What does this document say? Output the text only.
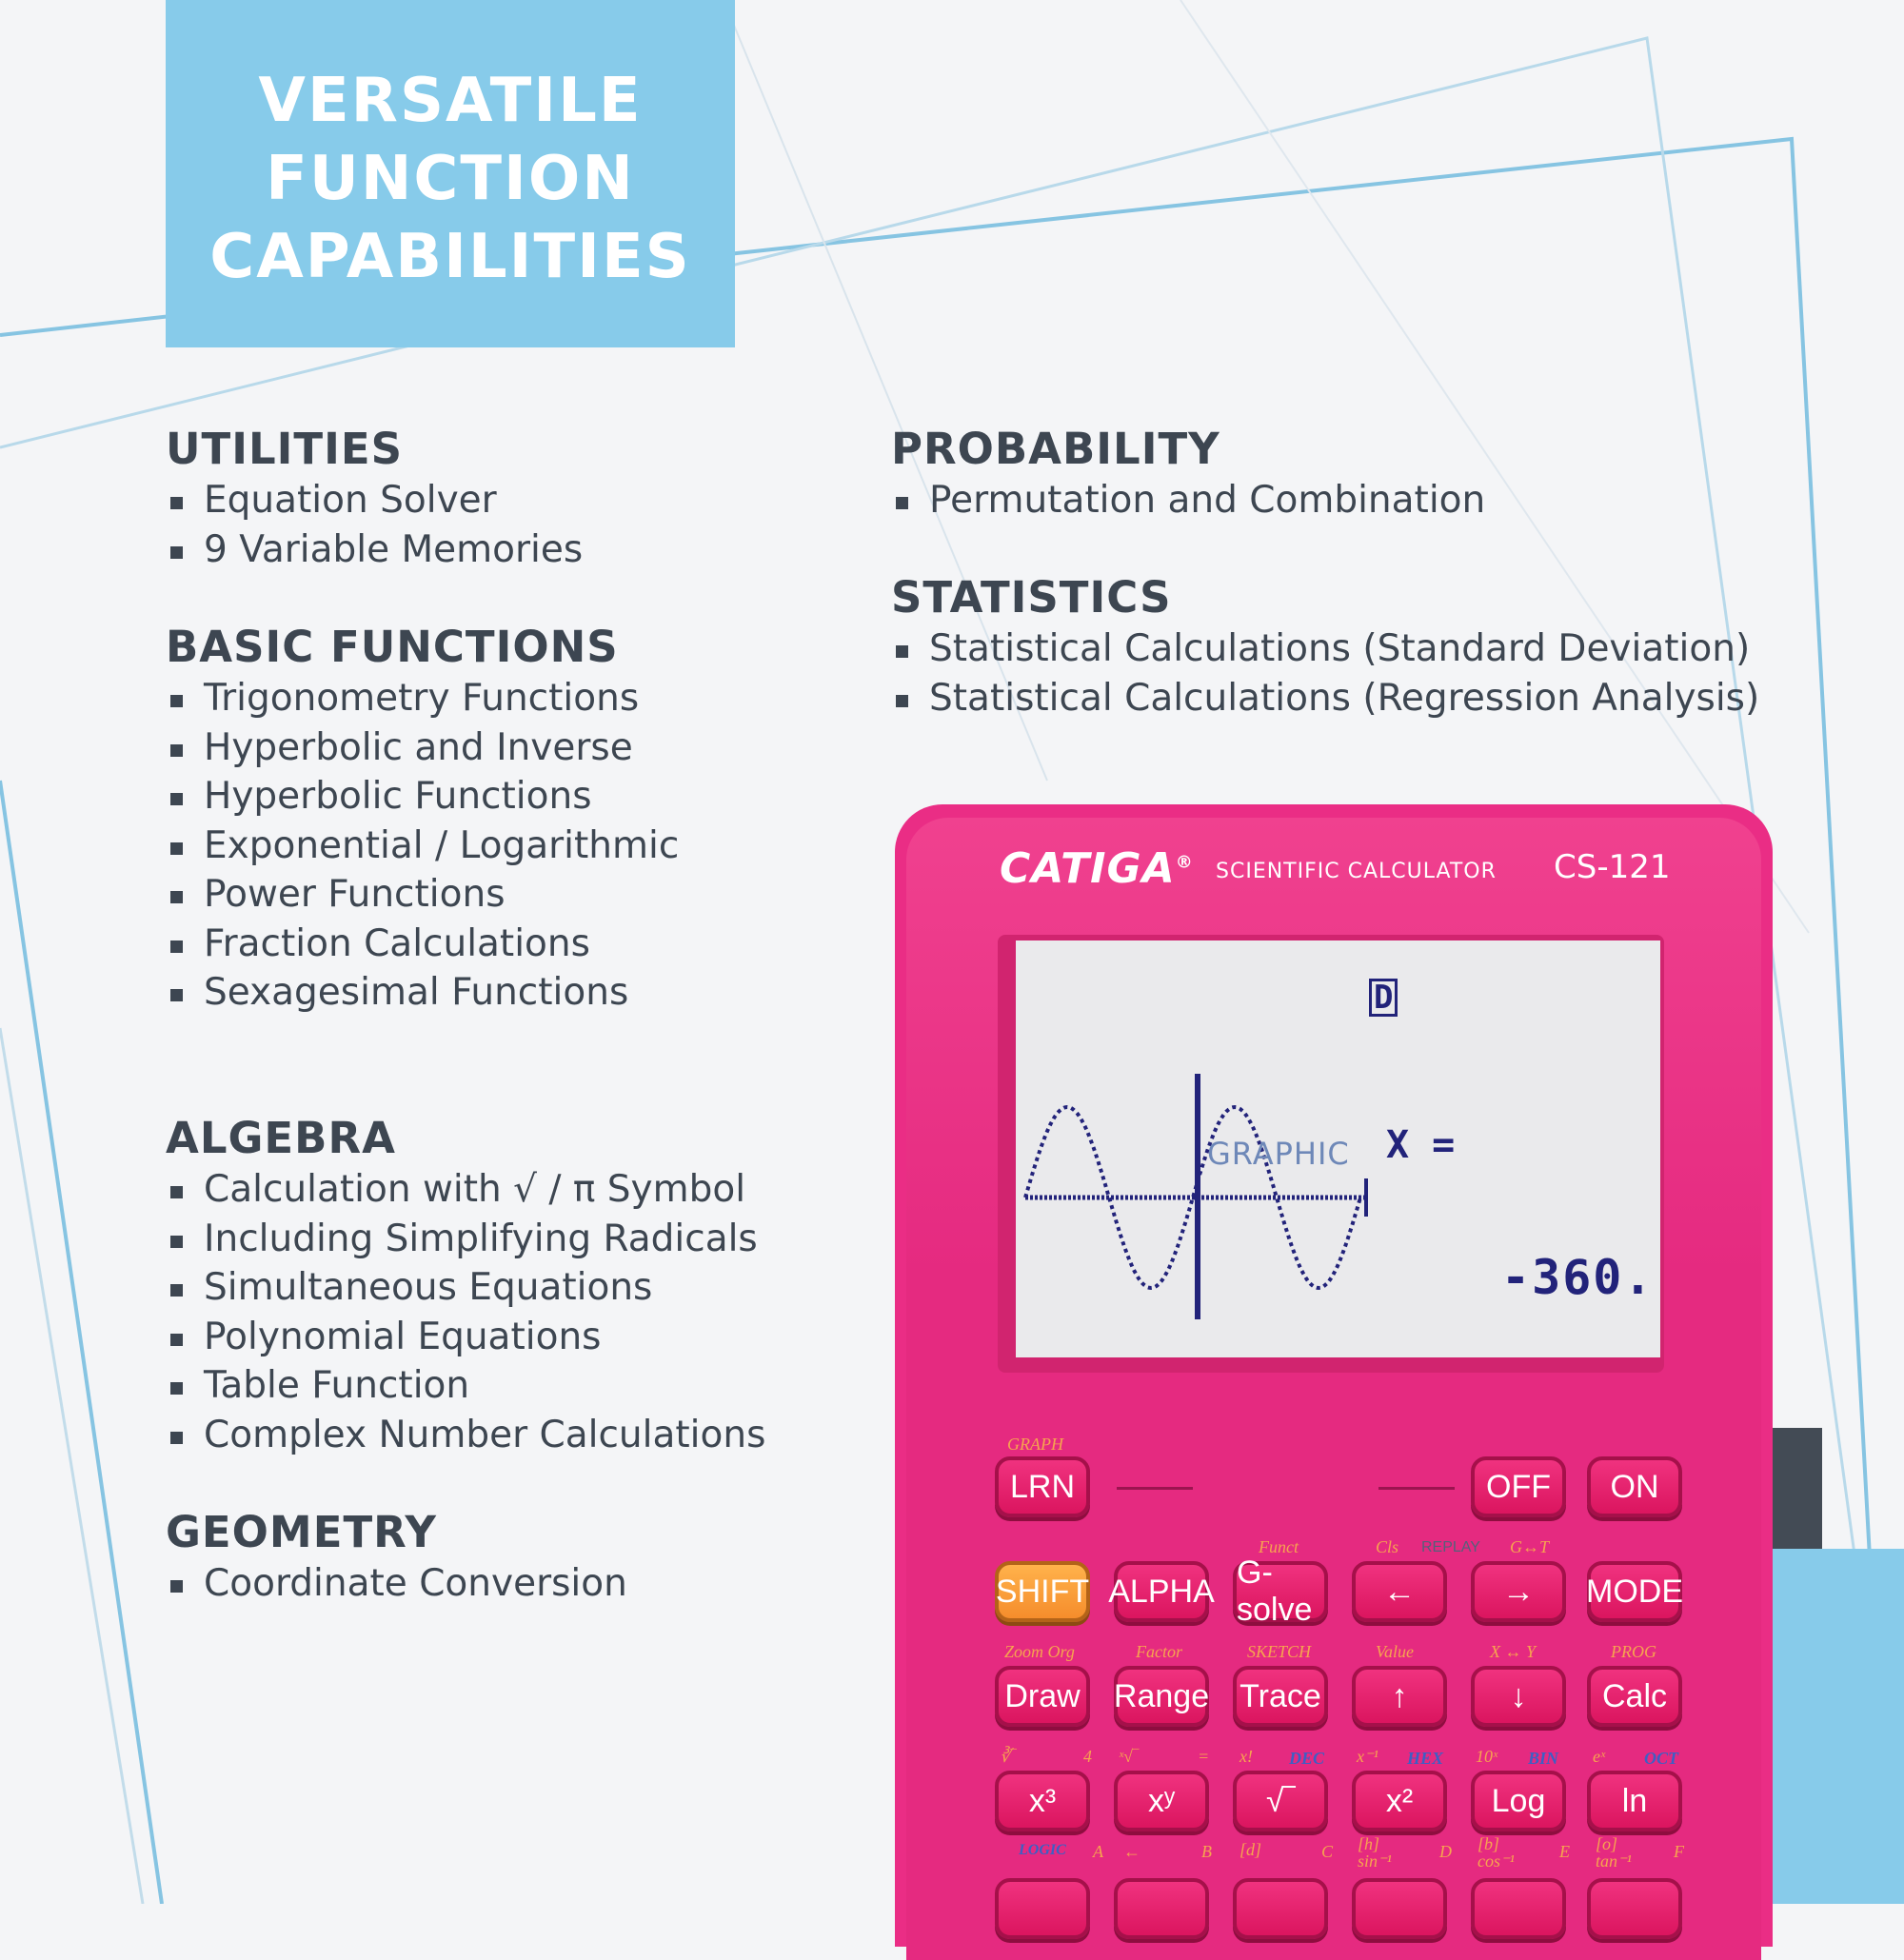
VERSATILE
FUNCTION
CAPABILITIES
UTILITIES
Equation Solver
9 Variable Memories
BASIC FUNCTIONS
Trigonometry Functions
Hyperbolic and Inverse
Hyperbolic Functions
Exponential / Logarithmic
Power Functions
Fraction Calculations
Sexagesimal Functions
ALGEBRA
Calculation with √ / π Symbol
Including Simplifying Radicals
Simultaneous Equations
Polynomial Equations
Table Function
Complex Number Calculations
GEOMETRY
Coordinate Conversion
PROBABILITY
Permutation and Combination
STATISTICS
Statistical Calculations (Standard Deviation)
Statistical Calculations (Regression Analysis)
CATIGA® SCIENTIFIC CALCULATOR CS-121
D
X =
-360.
GRAPH
LRN
GRAPHIC
OFF	ON
Funct	Cls REPLAY G↔T
SHIFT ALPHA
G-solve
←	→	MODE
Zoom Org	Factor	SKETCH	Value	X ↔ Y	PROG
Draw	Range Trace	↑	↓	Calc
∛‾	4 ˣ√‾	= x! DEC x⁻¹ HEX 10ˣ BIN eˣ OCT
x³	xʸ	√‾	x²	Log	ln
LOGIC A ←	B [d]	C [h]
sin⁻¹	D [b]
cos⁻¹	E [o]
tan⁻¹ F
